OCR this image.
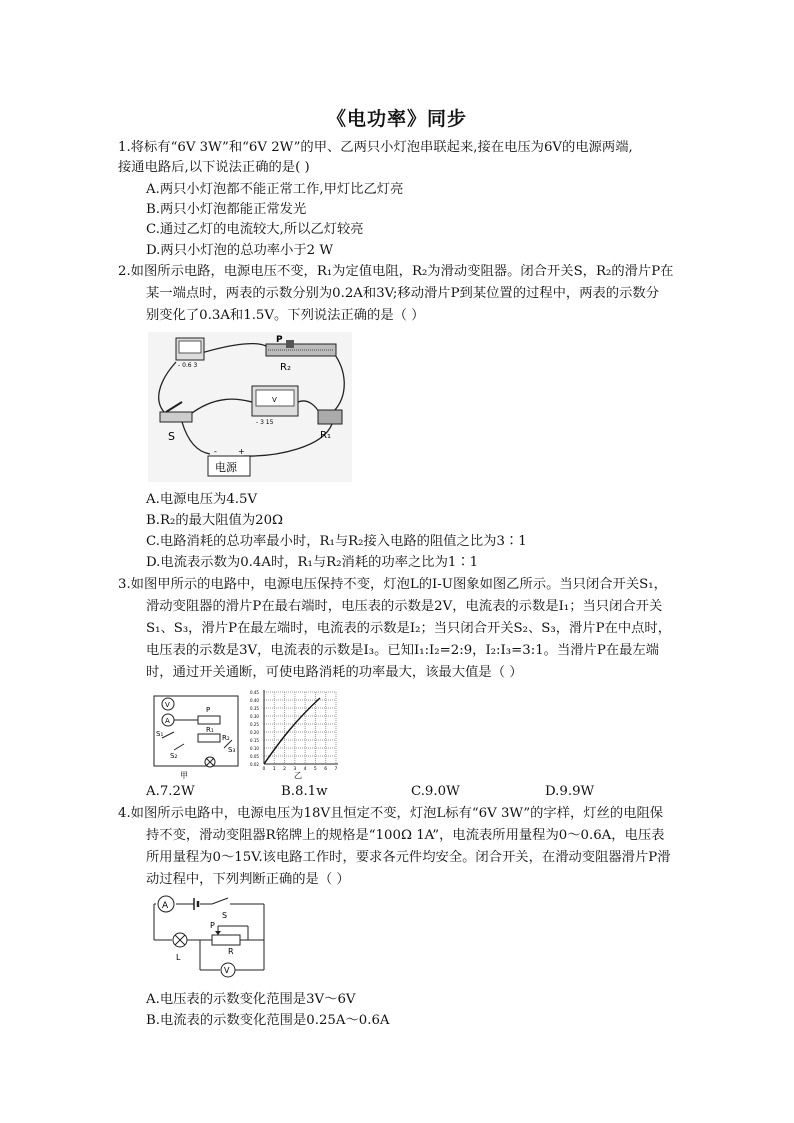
《电功率》同步
1.将标有“6V 3W”和“6V 2W”的甲、乙两只小灯泡串联起来,接在电压为6V的电源两端,
接通电路后,以下说法正确的是( )
A.两只小灯泡都不能正常工作,甲灯比乙灯亮
B.两只小灯泡都能正常发光
C.通过乙灯的电流较大,所以乙灯较亮
D.两只小灯泡的总功率小于2 W
2.如图所示电路，电源电压不变，R₁为定值电阻，R₂为滑动变阻器。闭合开关S，R₂的滑片P在
某一端点时，两表的示数分别为0.2A和3V;移动滑片P到某位置的过程中，两表的示数分
别变化了0.3A和1.5V。下列说法正确的是（ ）
- 0.6 3
P
R₂
V
- 3 15
S	R₁
电源
-	+
A.电源电压为4.5V
B.R₂的最大阻值为20Ω
C.电路消耗的总功率最小时，R₁与R₂接入电路的阻值之比为3∶1
D.电流表示数为0.4A时，R₁与R₂消耗的功率之比为1∶1
3.如图甲所示的电路中，电源电压保持不变，灯泡L的I-U图象如图乙所示。当只闭合开关S₁，
滑动变阻器的滑片P在最右端时，电压表的示数是2V，电流表的示数是I₁；当只闭合开关
S₁、S₃，滑片P在最左端时，电流表的示数是I₂；当只闭合开关S₂、S₃，滑片P在中点时，
电压表的示数是3V，电流表的示数是I₃。已知I₁:I₂=2:9，I₂:I₃=3:1。当滑片P在最左端
时，通过开关通断，可使电路消耗的功率最大，该最大值是（ ）
V
A
P
R₁
R₂
S₁
S₂
S₃
甲
0.45
0.40
0.35
0.30
0.25
0.20
0.15
0.10
0.05
0.02
0 1 2 3 4 5 6 7
乙
A.7.2W	B.8.1w	C.9.0W	D.9.9W
4.如图所示电路中，电源电压为18V且恒定不变，灯泡L标有“6V 3W”的字样，灯丝的电阻保
持不变，滑动变阻器R铭牌上的规格是“100Ω 1A”，电流表所用量程为0～0.6A，电压表
所用量程为0～15V.该电路工作时，要求各元件均安全。闭合开关，在滑动变阻器滑片P滑
动过程中，下列判断正确的是（ ）
A
S
L
P
R
V
A.电压表的示数变化范围是3V～6V
B.电流表的示数变化范围是0.25A～0.6A
